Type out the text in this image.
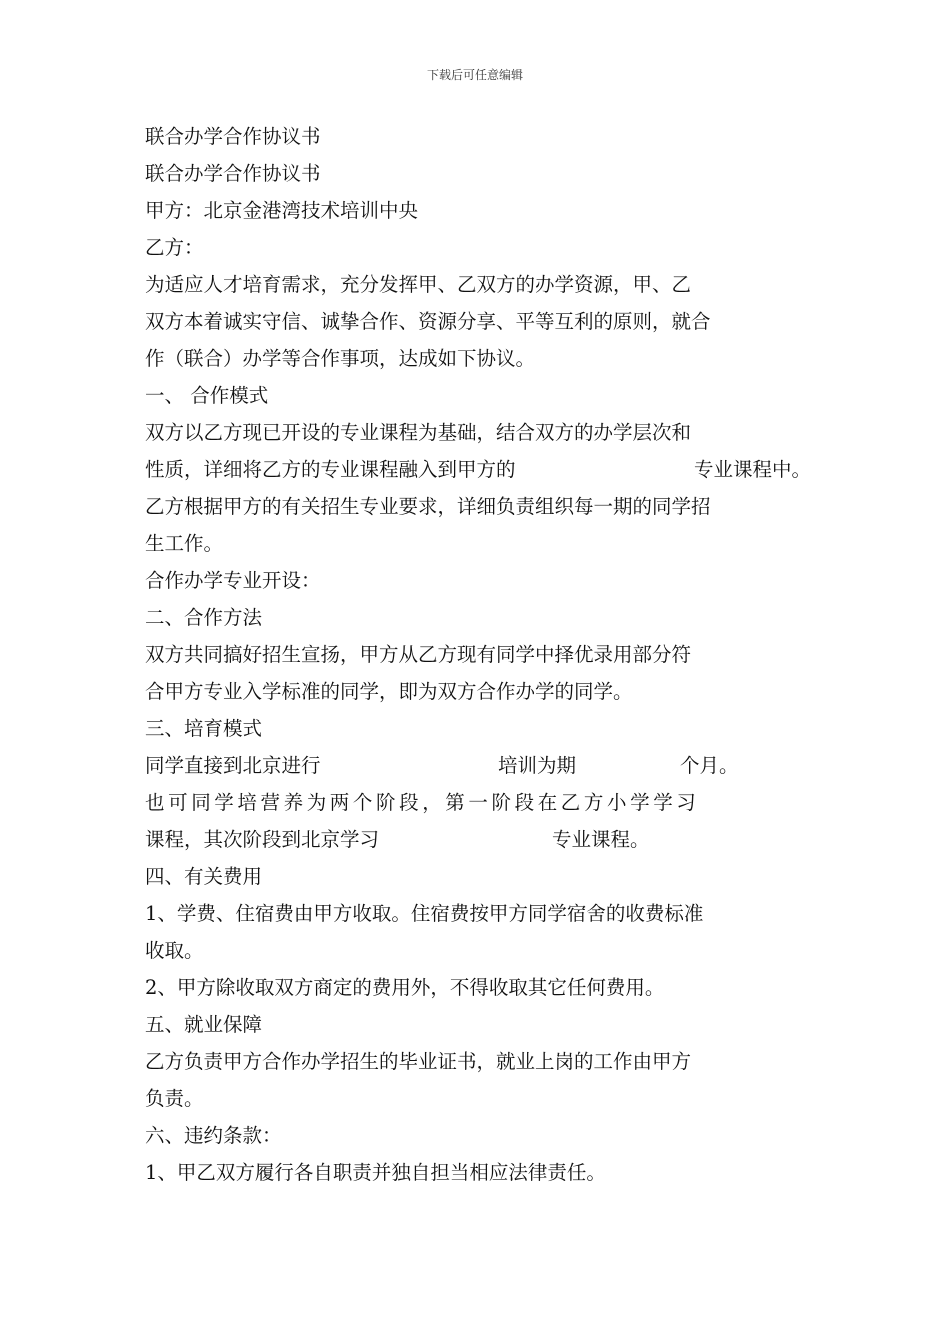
下载后可任意编辑
联合办学合作协议书
联合办学合作协议书
甲方：北京金港湾技术培训中央
乙方：
为适应人才培育需求，充分发挥甲、乙双方的办学资源，甲、乙
双方本着诚实守信、诚挚合作、资源分享、平等互利的原则，就合
作（联合）办学等合作事项，达成如下协议。
一、 合作模式
双方以乙方现已开设的专业课程为基础，结合双方的办学层次和
性质，详细将乙方的专业课程融入到甲方的	专业课程中。
乙方根据甲方的有关招生专业要求，详细负责组织每一期的同学招
生工作。
合作办学专业开设：
二、合作方法
双方共同搞好招生宣扬，甲方从乙方现有同学中择优录用部分符
合甲方专业入学标准的同学，即为双方合作办学的同学。
三、培育模式
同学直接到北京进行	培训为期	个月。
也可同学培营养为两个阶段，第一阶段在乙方小学学习
课程，其次阶段到北京学习	专业课程。
四、有关费用
1、学费、住宿费由甲方收取。住宿费按甲方同学宿舍的收费标准
收取。
2、甲方除收取双方商定的费用外，不得收取其它任何费用。
五、就业保障
乙方负责甲方合作办学招生的毕业证书，就业上岗的工作由甲方
负责。
六、违约条款：
1、甲乙双方履行各自职责并独自担当相应法律责任。
